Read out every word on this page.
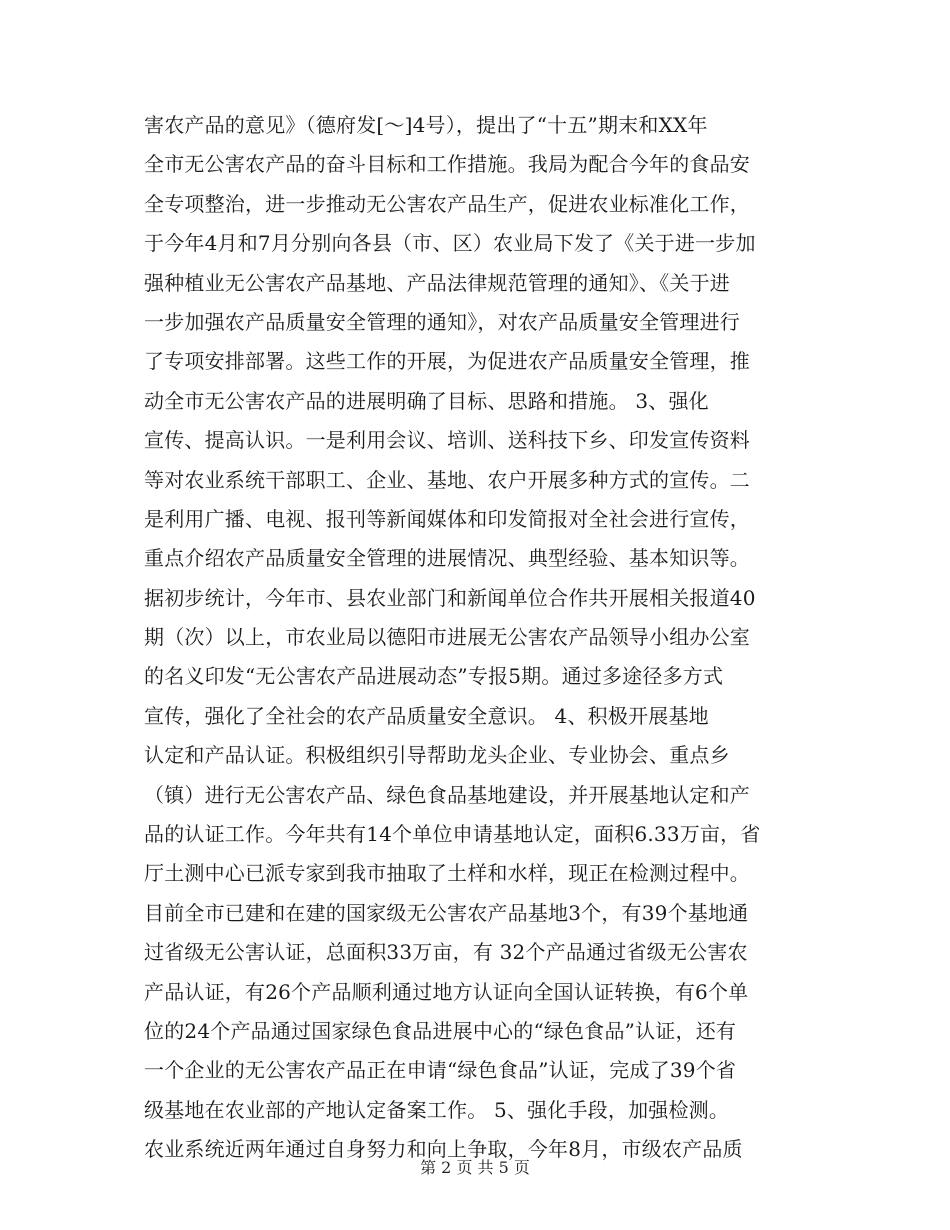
害农产品的意见》（德府发[～]4号），提出了“十五”期末和XX年
全市无公害农产品的奋斗目标和工作措施。我局为配合今年的食品安
全专项整治，进一步推动无公害农产品生产，促进农业标准化工作，
于今年4月和7月分别向各县（市、区）农业局下发了《关于进一步加
强种植业无公害农产品基地、产品法律规范管理的通知》、《关于进
一步加强农产品质量安全管理的通知》，对农产品质量安全管理进行
了专项安排部署。这些工作的开展，为促进农产品质量安全管理，推
动全市无公害农产品的进展明确了目标、思路和措施。 3、强化
宣传、提高认识。一是利用会议、培训、送科技下乡、印发宣传资料
等对农业系统干部职工、企业、基地、农户开展多种方式的宣传。二
是利用广播、电视、报刊等新闻媒体和印发简报对全社会进行宣传，
重点介绍农产品质量安全管理的进展情况、典型经验、基本知识等。
据初步统计，今年市、县农业部门和新闻单位合作共开展相关报道40
期（次）以上，市农业局以德阳市进展无公害农产品领导小组办公室
的名义印发“无公害农产品进展动态”专报5期。通过多途径多方式
宣传，强化了全社会的农产品质量安全意识。 4、积极开展基地
认定和产品认证。积极组织引导帮助龙头企业、专业协会、重点乡
（镇）进行无公害农产品、绿色食品基地建设，并开展基地认定和产
品的认证工作。今年共有14个单位申请基地认定，面积6.33万亩，省
厅土测中心已派专家到我市抽取了土样和水样，现正在检测过程中。
目前全市已建和在建的国家级无公害农产品基地3个，有39个基地通
过省级无公害认证，总面积33万亩，有 32个产品通过省级无公害农
产品认证，有26个产品顺利通过地方认证向全国认证转换，有6个单
位的24个产品通过国家绿色食品进展中心的“绿色食品”认证，还有
一个企业的无公害农产品正在申请“绿色食品”认证，完成了39个省
级基地在农业部的产地认定备案工作。 5、强化手段，加强检测。
农业系统近两年通过自身努力和向上争取，今年8月，市级农产品质
第 2 页 共 5 页
